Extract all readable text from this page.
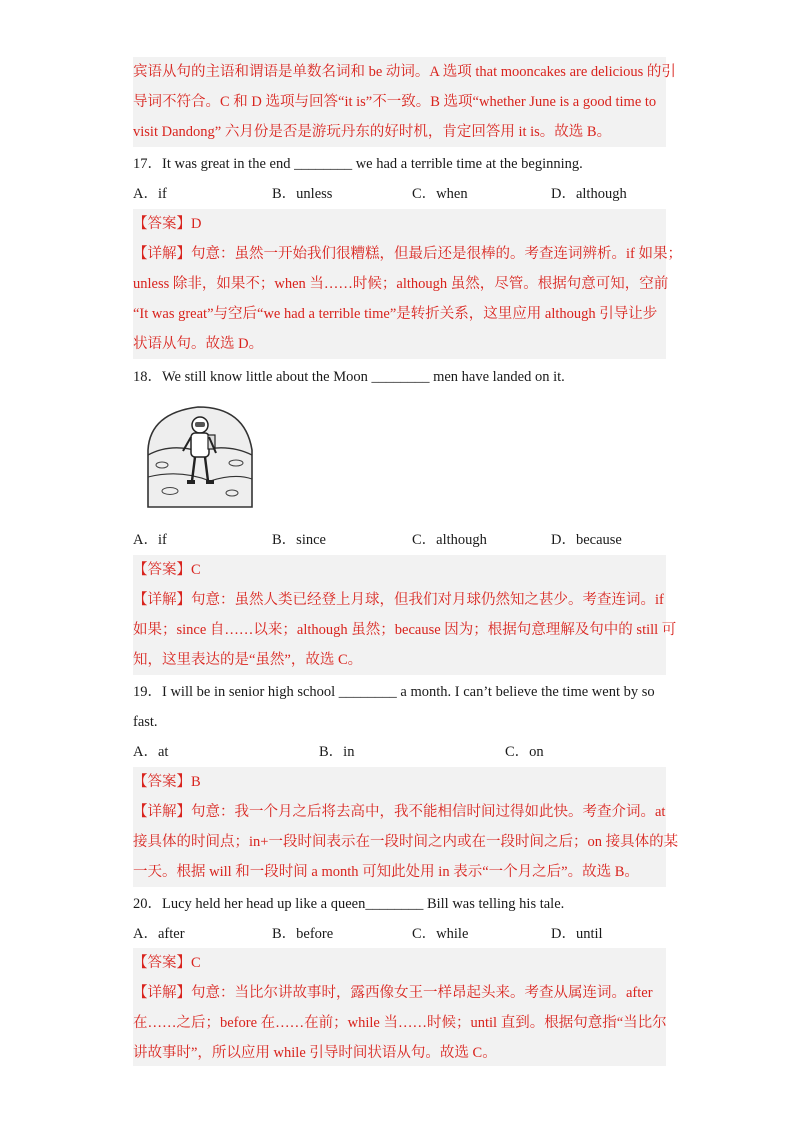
宾语从句的主语和谓语是单数名词和 be 动词。A 选项 that mooncakes are delicious 的引
导词不符合。C 和 D 选项与回答“it is”不一致。B 选项“whether June is a good time to
visit Dandong” 六月份是否是游玩丹东的好时机，肯定回答用 it is。故选 B。
17．It was great in the end ________ we had a terrible time at the beginning.
A．if	B．unless	C．when	D．although
【答案】D
【详解】句意：虽然一开始我们很糟糕，但最后还是很棒的。考查连词辨析。if 如果；
unless 除非，如果不；when 当……时候；although 虽然，尽管。根据句意可知，空前
“It was great”与空后“we had a terrible time”是转折关系，这里应用 although 引导让步
状语从句。故选 D。
18．We still know little about the Moon ________ men have landed on it.
A．if	B．since	C．although	D．because
【答案】C
【详解】句意：虽然人类已经登上月球，但我们对月球仍然知之甚少。考查连词。if
如果；since 自……以来；although 虽然；because 因为；根据句意理解及句中的 still 可
知，这里表达的是“虽然”，故选 C。
19．I will be in senior high school ________ a month. I can’t believe the time went by so
fast.
A．at	B．in	C．on
【答案】B
【详解】句意：我一个月之后将去高中，我不能相信时间过得如此快。考查介词。at
接具体的时间点；in+一段时间表示在一段时间之内或在一段时间之后；on 接具体的某
一天。根据 will 和一段时间 a month 可知此处用 in 表示“一个月之后”。故选 B。
20．Lucy held her head up like a queen________ Bill was telling his tale.
A．after	B．before	C．while	D．until
【答案】C
【详解】句意：当比尔讲故事时，露西像女王一样昂起头来。考查从属连词。after
在……之后；before 在……在前；while 当……时候；until 直到。根据句意指“当比尔
讲故事时”，所以应用 while 引导时间状语从句。故选 C。
